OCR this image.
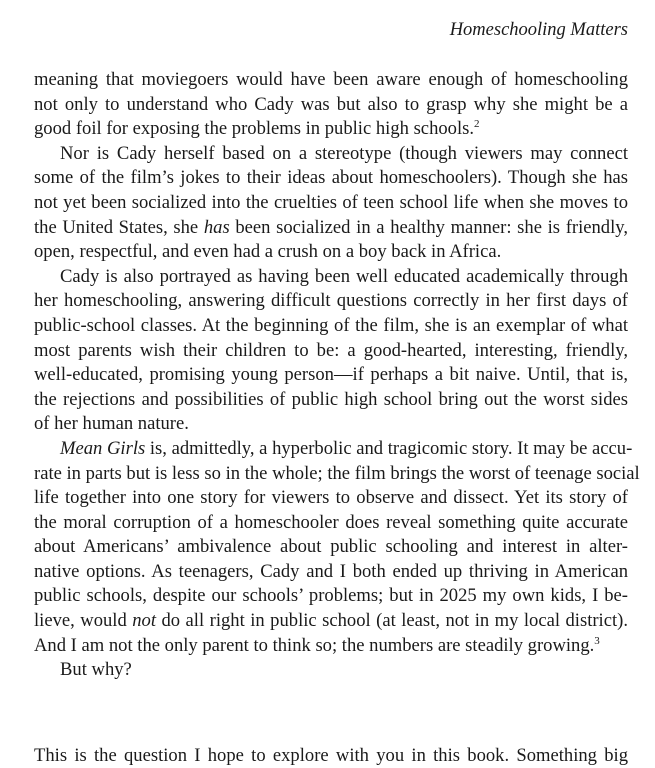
Homeschooling Matters
meaning that moviegoers would have been aware enough of homeschooling
not only to understand who Cady was but also to grasp why she might be a
good foil for exposing the problems in public high schools.$^2$
Nor is Cady herself based on a stereotype (though viewers may connect
some of the film’s jokes to their ideas about homeschoolers). Though she has
not yet been socialized into the cruelties of teen school life when she moves to
the United States, she has been socialized in a healthy manner: she is friendly,
open, respectful, and even had a crush on a boy back in Africa.
Cady is also portrayed as having been well educated academically through
her homeschooling, answering difficult questions correctly in her first days of
public-school classes. At the beginning of the film, she is an exemplar of what
most parents wish their children to be: a good-hearted, interesting, friendly,
well-educated, promising young person—if perhaps a bit naive. Until, that is,
the rejections and possibilities of public high school bring out the worst sides
of her human nature.
Mean Girls is, admittedly, a hyperbolic and tragicomic story. It may be accu-
rate in parts but is less so in the whole; the film brings the worst of teenage social
life together into one story for viewers to observe and dissect. Yet its story of
the moral corruption of a homeschooler does reveal something quite accurate
about Americans’ ambivalence about public schooling and interest in alter-
native options. As teenagers, Cady and I both ended up thriving in American
public schools, despite our schools’ problems; but in 2025 my own kids, I be-
lieve, would not do all right in public school (at least, not in my local district).
And I am not the only parent to think so; the numbers are steadily growing.$^3$
But why?
This is the question I hope to explore with you in this book. Something big
